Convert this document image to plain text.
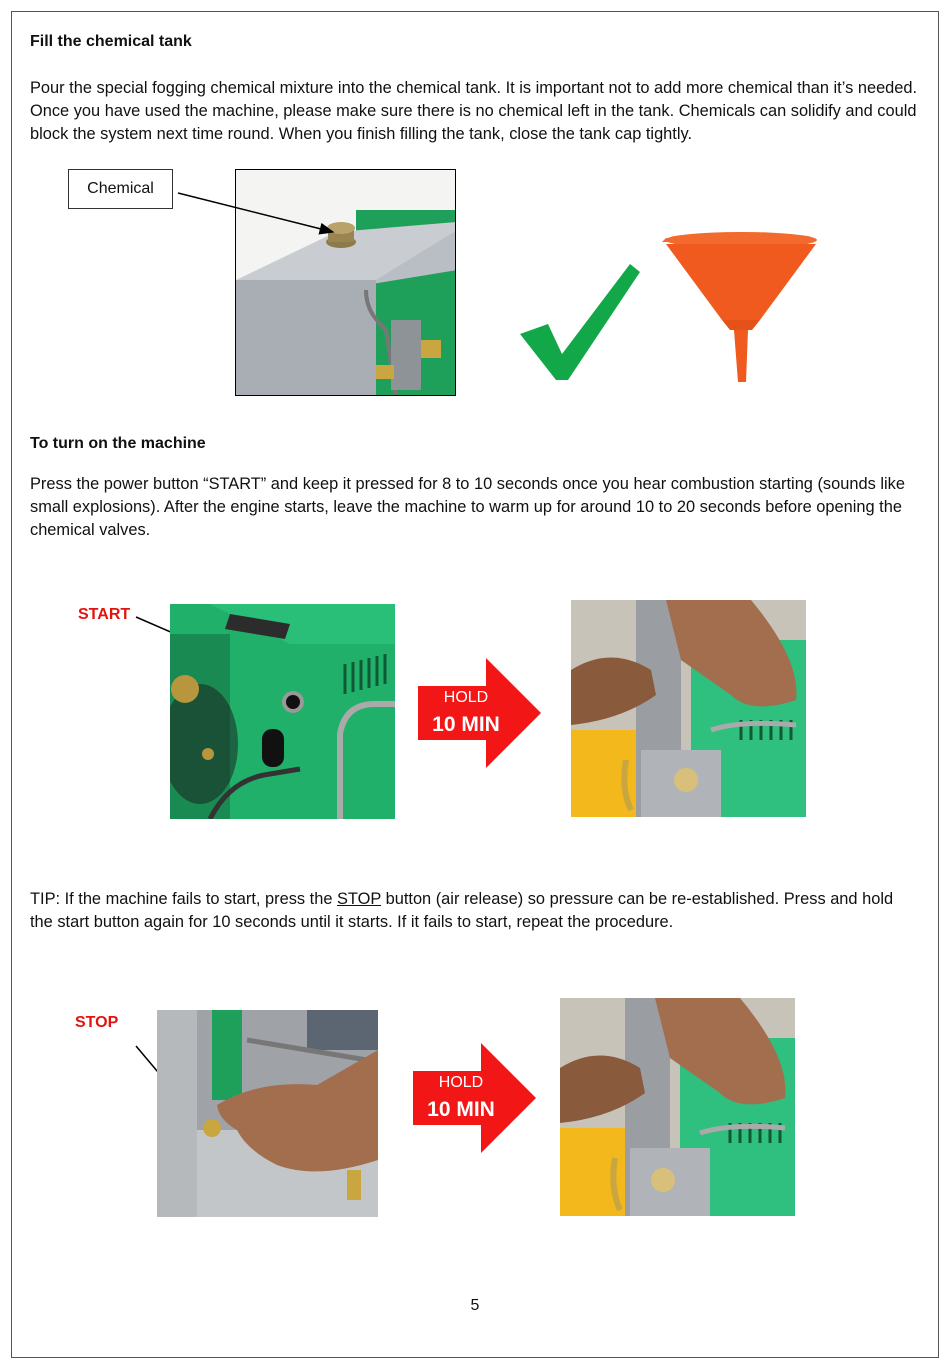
Fill the chemical tank
Pour the special fogging chemical mixture into the chemical tank. It is important not to add more chemical than it’s needed. Once you have used the machine, please make sure there is no chemical left in the tank. Chemicals can solidify and could block the system next time round. When you finish filling the tank, close the tank cap tightly.
Chemical
To turn on the machine
Press the power button “START” and keep it pressed for 8 to 10 seconds once you hear combustion starting (sounds like small explosions). After the engine starts, leave the machine to warm up for around 10 to 20 seconds before opening the chemical valves.
START
HOLD
10 MIN
TIP: If the machine fails to start, press the STOP button (air release) so pressure can be re-established. Press and hold the start button again for 10 seconds until it starts. If it fails to start, repeat the procedure.
STOP
HOLD
10 MIN
5
